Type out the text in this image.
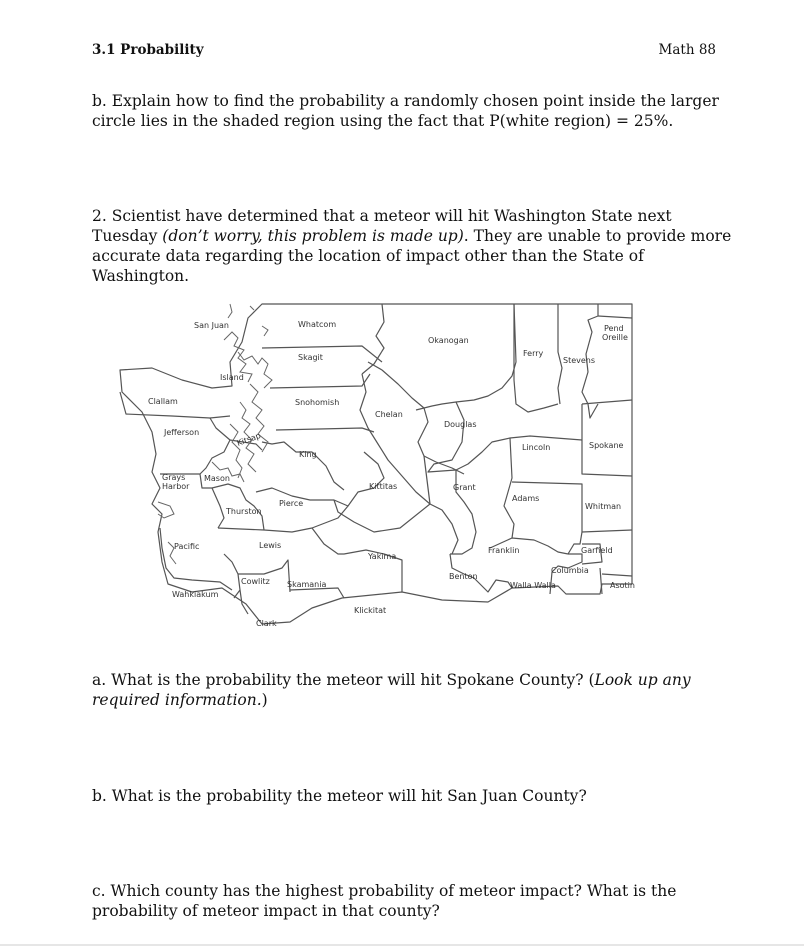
3.1 Probability	Math 88
b. Explain how to find the probability a randomly chosen point inside the larger circle lies in the shaded region using the fact that P(white region) = 25%.
2. Scientist have determined that a meteor will hit Washington State next Tuesday (don’t worry, this problem is made up). They are unable to provide more accurate data regarding the location of impact other than the State of Washington.
San Juan	Whatcom
Okanogan
Pend
Oreille
Ferry
Stevens
Skagit
Island
Clallam	Snohomish
Chelan
Douglas
Jefferson	Kitsap
King
Lincoln	Spokane
Grays
Harbor
Mason
Kittitas	Grant
Adams
Pierce
Thurston
Whitman
Pacific	Lewis
Yakima
Franklin	Garfield
Columbia
Benton
Cowlitz Skamania	Walla Walla	Asotin
Wahkiakum
Klickitat
Clark
a. What is the probability the meteor will hit Spokane County? (Look up any required information.)
b. What is the probability the meteor will hit San Juan County?
c. Which county has the highest probability of meteor impact? What is the probability of meteor impact in that county?
